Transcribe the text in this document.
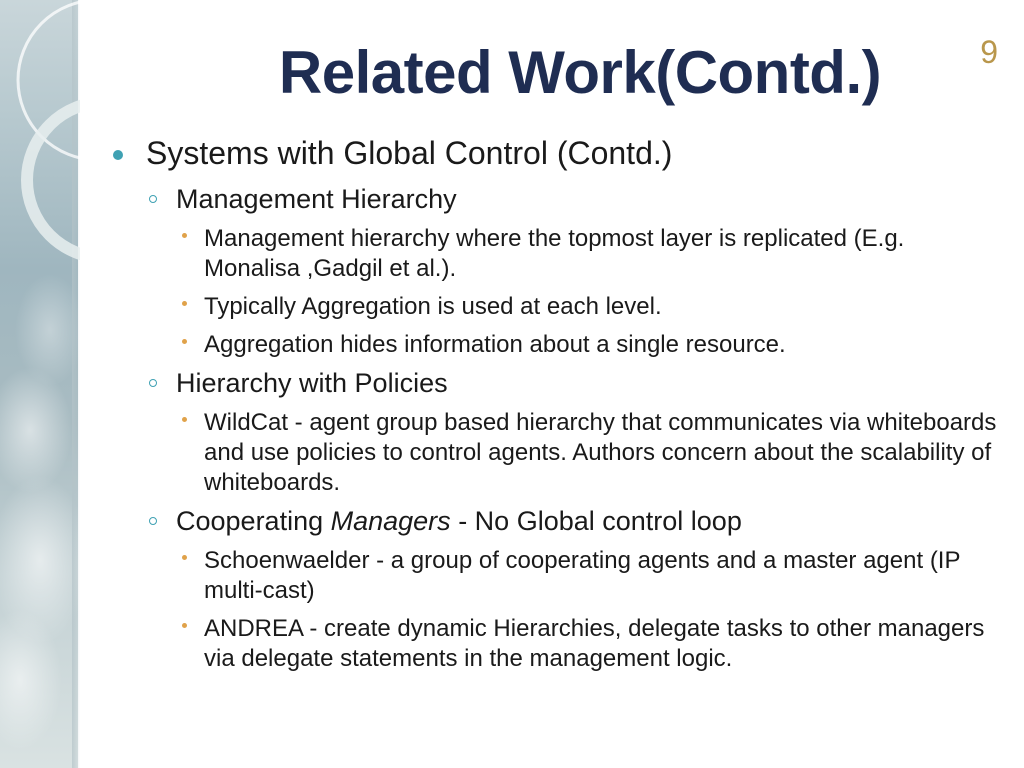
Related Work(Contd.)	9
Systems with Global Control (Contd.)
Management Hierarchy
Management hierarchy where the topmost layer is replicated (E.g. Monalisa ,Gadgil et al.).
Typically Aggregation is used at each level.
Aggregation hides information about a single resource.
Hierarchy with Policies
WildCat - agent group based hierarchy that communicates via whiteboards and use policies to control agents. Authors concern about the scalability of whiteboards.
Cooperating Managers - No Global control loop
Schoenwaelder - a group of cooperating agents and a master agent (IP multi-cast)
ANDREA - create dynamic Hierarchies, delegate tasks to other managers via delegate statements in the management logic.
